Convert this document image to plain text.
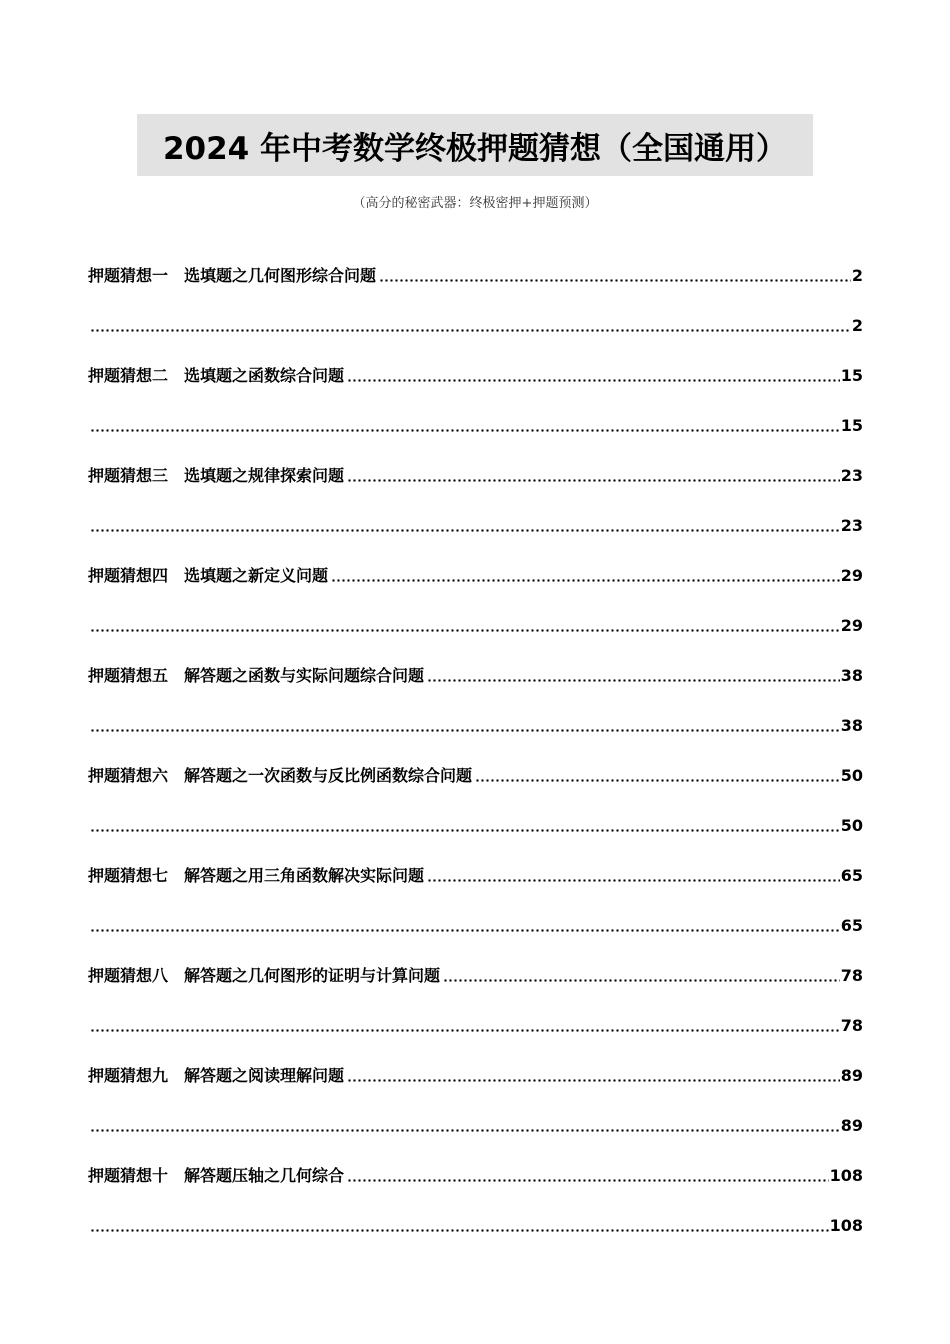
2024 年中考数学终极押题猜想（全国通用）
（高分的秘密武器：终极密押+押题预测）
押题猜想一 选填题之几何图形综合问题	2
2
押题猜想二 选填题之函数综合问题	15
15
押题猜想三 选填题之规律探索问题	23
23
押题猜想四 选填题之新定义问题	29
29
押题猜想五 解答题之函数与实际问题综合问题	38
38
押题猜想六 解答题之一次函数与反比例函数综合问题	50
50
押题猜想七 解答题之用三角函数解决实际问题	65
65
押题猜想八 解答题之几何图形的证明与计算问题	78
78
押题猜想九 解答题之阅读理解问题	89
89
押题猜想十 解答题压轴之几何综合	108
108
